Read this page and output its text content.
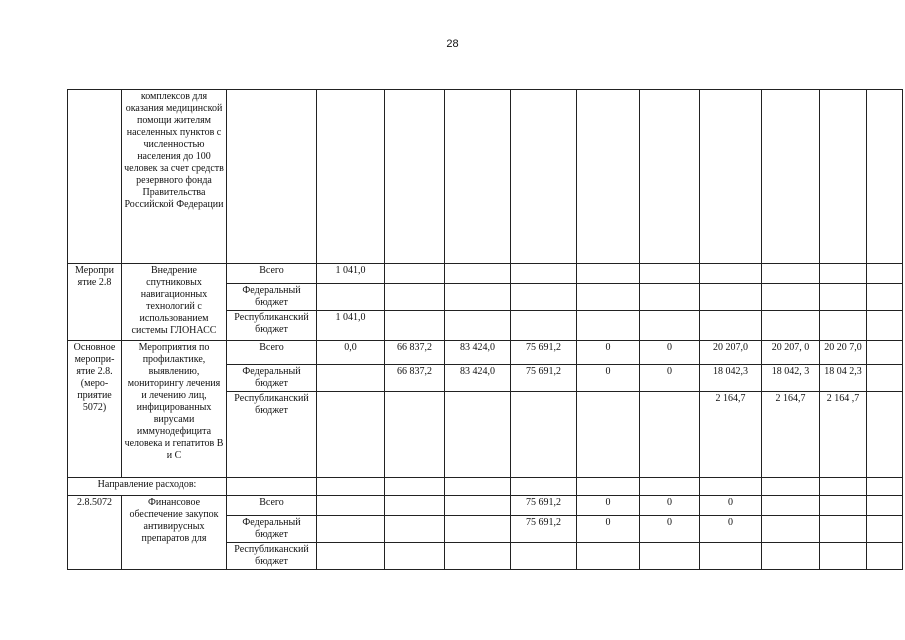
28
	комплексов для оказания медицинской помощи жителям населенных пунктов с численностью населения до 100 человек за счет средств резервного фонда Правительства Российской Федерации											
Меропри ятие 2.8	Внедрение спутниковых навигационных технологий с использованием системы ГЛОНАСС	Всего	1 041,0									
		Федеральный бюджет										
		Республиканский бюджет	1 041,0									
Основное меропри-ятие 2.8. (меро-приятие 5072)	Мероприятия по профилактике, выявлению, мониторингу лечения и лечению лиц, инфицированных вирусами иммунодефицита человека и гепатитов В и С	Всего	0,0	66 837,2	83 424,0	75 691,2	0	0	20 207,0	20 207, 0	20 20 7,0	
		Федеральный бюджет		66 837,2	83 424,0	75 691,2	0	0	18 042,3	18 042, 3	18 04 2,3	
		Республиканский бюджет							2 164,7	2 164,7	2 164 ,7	
Направление расходов:												
2.8.5072	Финансовое обеспечение закупок антивирусных препаратов для	Всего				75 691,2	0	0	0			
		Федеральный бюджет				75 691,2	0	0	0			
		Республиканский бюджет										
